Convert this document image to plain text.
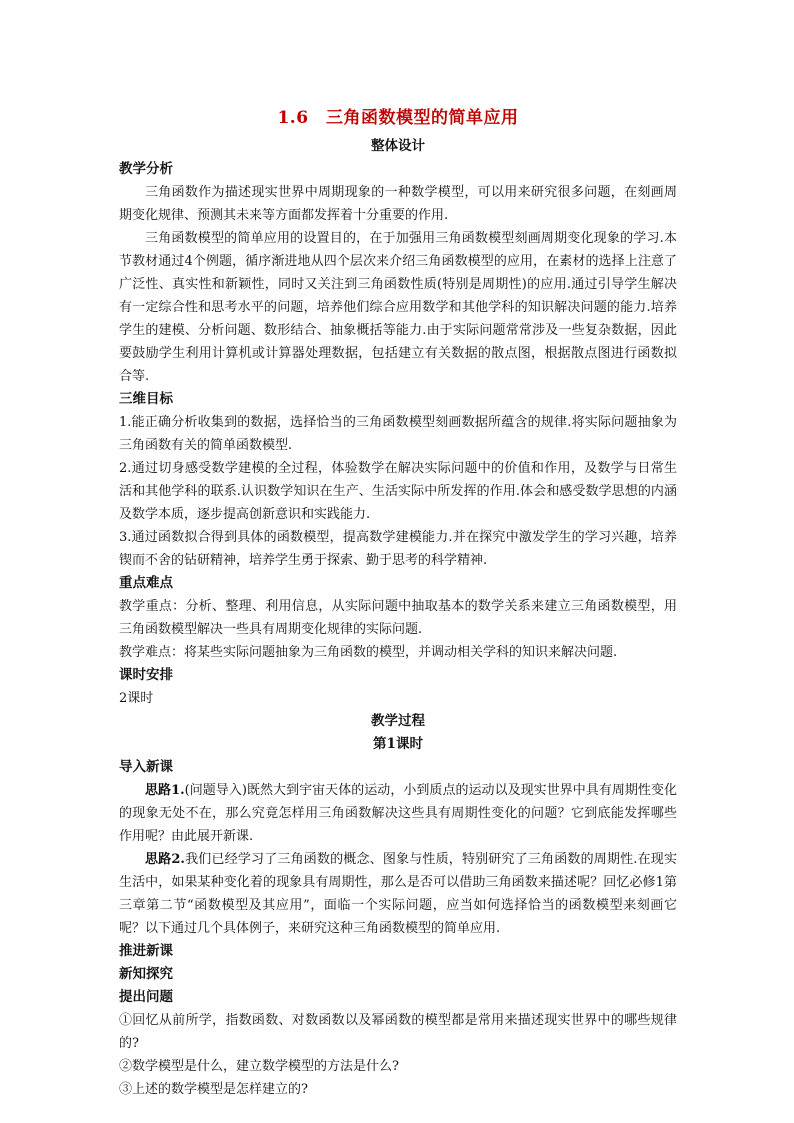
1.6　三角函数模型的简单应用
整体设计
教学分析

三角函数作为描述现实世界中周期现象的一种数学模型，可以用来研究很多问题，在刻画周期变化规律、预测其未来等方面都发挥着十分重要的作用.

三角函数模型的简单应用的设置目的，在于加强用三角函数模型刻画周期变化现象的学习.本节教材通过4个例题，循序渐进地从四个层次来介绍三角函数模型的应用，在素材的选择上注意了广泛性、真实性和新颖性，同时又关注到三角函数性质(特别是周期性)的应用.通过引导学生解决有一定综合性和思考水平的问题，培养他们综合应用数学和其他学科的知识解决问题的能力.培养学生的建模、分析问题、数形结合、抽象概括等能力.由于实际问题常常涉及一些复杂数据，因此要鼓励学生利用计算机或计算器处理数据，包括建立有关数据的散点图，根据散点图进行函数拟合等.

三维目标

1.能正确分析收集到的数据，选择恰当的三角函数模型刻画数据所蕴含的规律.将实际问题抽象为三角函数有关的简单函数模型.

2.通过切身感受数学建模的全过程，体验数学在解决实际问题中的价值和作用，及数学与日常生活和其他学科的联系.认识数学知识在生产、生活实际中所发挥的作用.体会和感受数学思想的内涵及数学本质，逐步提高创新意识和实践能力.

3.通过函数拟合得到具体的函数模型，提高数学建模能力.并在探究中激发学生的学习兴趣，培养锲而不舍的钻研精神，培养学生勇于探索、勤于思考的科学精神.

重点难点

教学重点：分析、整理、利用信息，从实际问题中抽取基本的数学关系来建立三角函数模型，用三角函数模型解决一些具有周期变化规律的实际问题.

教学难点：将某些实际问题抽象为三角函数的模型，并调动相关学科的知识来解决问题.

课时安排

2课时

教学过程
第1课时
导入新课

思路1.(问题导入)既然大到宇宙天体的运动，小到质点的运动以及现实世界中具有周期性变化的现象无处不在，那么究竟怎样用三角函数解决这些具有周期性变化的问题？它到底能发挥哪些作用呢？由此展开新课.

思路2.我们已经学习了三角函数的概念、图象与性质，特别研究了三角函数的周期性.在现实生活中，如果某种变化着的现象具有周期性，那么是否可以借助三角函数来描述呢？回忆必修1第三章第二节“函数模型及其应用”，面临一个实际问题，应当如何选择恰当的函数模型来刻画它呢？以下通过几个具体例子，来研究这种三角函数模型的简单应用.

推进新课
新知探究
提出问题

①回忆从前所学，指数函数、对数函数以及幂函数的模型都是常用来描述现实世界中的哪些规律的?

②数学模型是什么，建立数学模型的方法是什么?

③上述的数学模型是怎样建立的?
